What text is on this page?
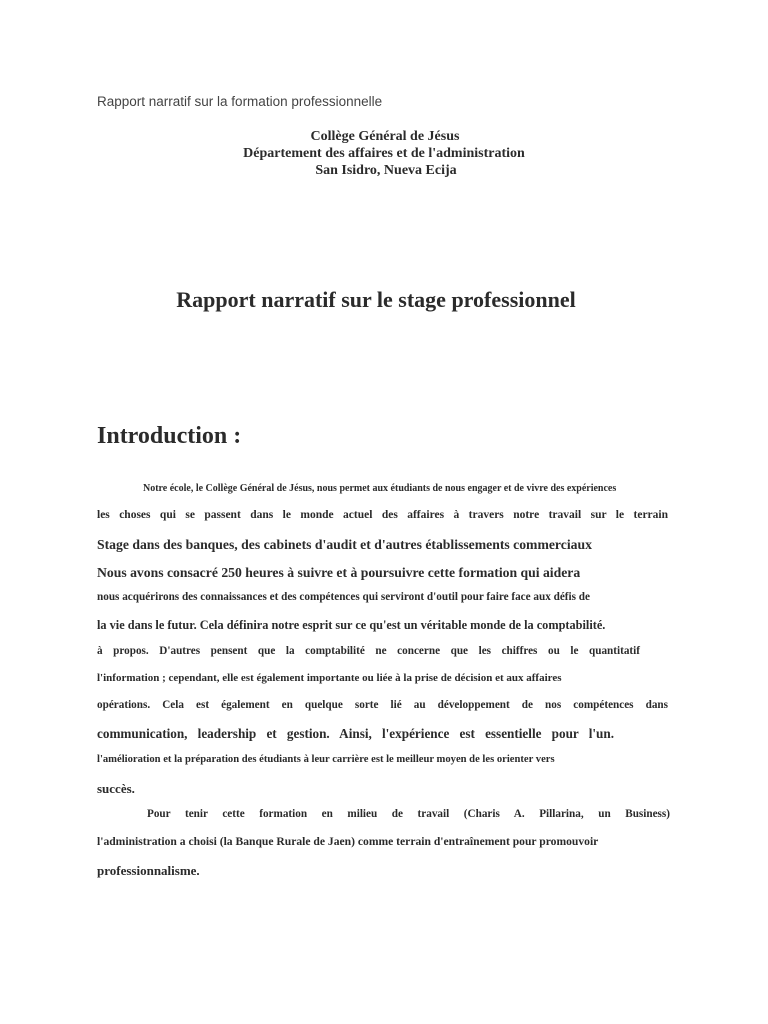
Rapport narratif sur la formation professionnelle
Collège Général de Jésus
Département des affaires et de l'administration
San Isidro, Nueva Ecija
Rapport narratif sur le stage professionnel
Introduction :
Notre école, le Collège Général de Jésus, nous permet aux étudiants de nous engager et de vivre des expériences
les choses qui se passent dans le monde actuel des affaires à travers notre travail sur le terrain
Stage dans des banques, des cabinets d'audit et d'autres établissements commerciaux
Nous avons consacré 250 heures à suivre et à poursuivre cette formation qui aidera
nous acquérirons des connaissances et des compétences qui serviront d'outil pour faire face aux défis de
la vie dans le futur. Cela définira notre esprit sur ce qu'est un véritable monde de la comptabilité.
à propos. D'autres pensent que la comptabilité ne concerne que les chiffres ou le quantitatif
l'information ; cependant, elle est également importante ou liée à la prise de décision et aux affaires
opérations. Cela est également en quelque sorte lié au développement de nos compétences dans
communication, leadership et gestion. Ainsi, l'expérience est essentielle pour l'un.
l'amélioration et la préparation des étudiants à leur carrière est le meilleur moyen de les orienter vers
succès.
Pour tenir cette formation en milieu de travail (Charis A. Pillarina, un Business)
l'administration a choisi (la Banque Rurale de Jaen) comme terrain d'entraînement pour promouvoir
professionnalisme.
